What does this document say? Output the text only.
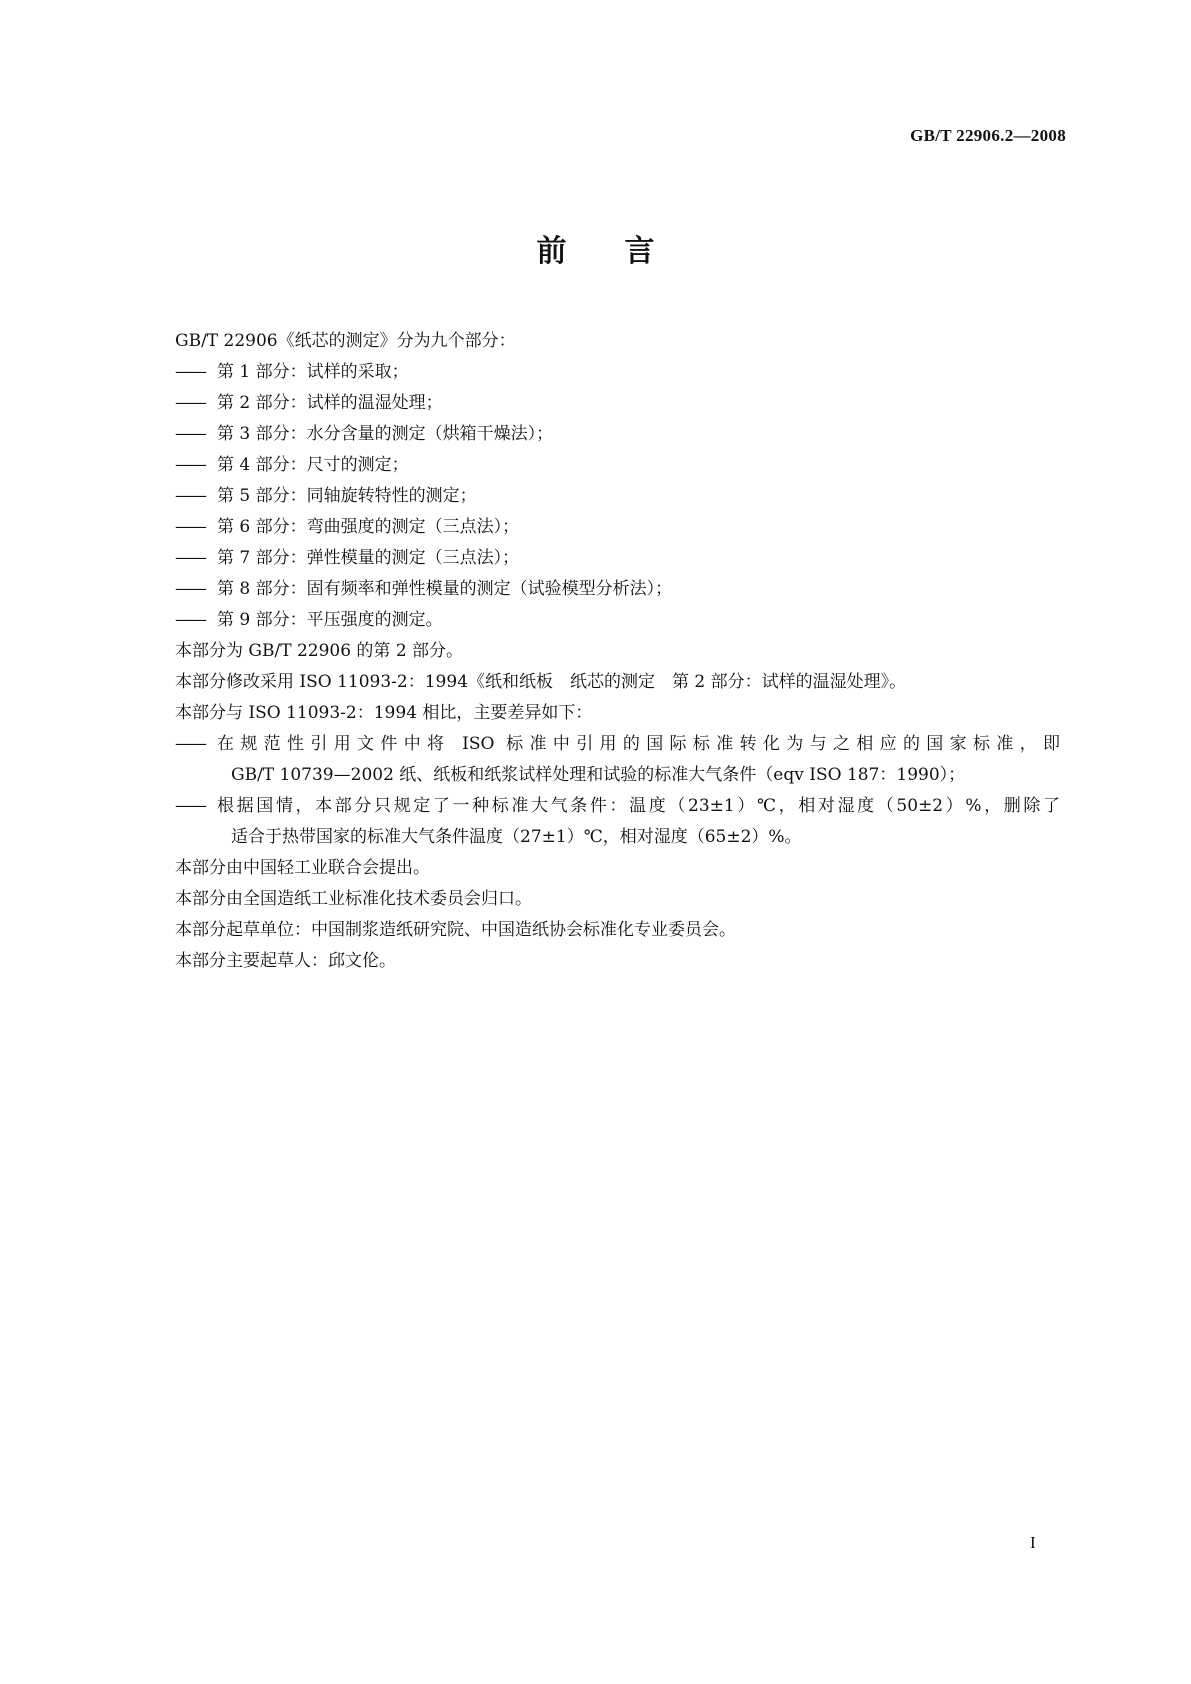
GB/T 22906.2—2008
前言
GB/T 22906《纸芯的测定》分为九个部分：
—— 第 1 部分：试样的采取；
—— 第 2 部分：试样的温湿处理；
—— 第 3 部分：水分含量的测定（烘箱干燥法）；
—— 第 4 部分：尺寸的测定；
—— 第 5 部分：同轴旋转特性的测定；
—— 第 6 部分：弯曲强度的测定（三点法）；
—— 第 7 部分：弹性模量的测定（三点法）；
—— 第 8 部分：固有频率和弹性模量的测定（试验模型分析法）；
—— 第 9 部分：平压强度的测定。
本部分为 GB/T 22906 的第 2 部分。
本部分修改采用 ISO 11093-2：1994《纸和纸板　纸芯的测定　第 2 部分：试样的温湿处理》。
本部分与 ISO 11093-2：1994 相比，主要差异如下：
—— 在规范性引用文件中将 ISO 标准中引用的国际标准转化为与之相应的国家标准，即
GB/T 10739—2002 纸、纸板和纸浆试样处理和试验的标准大气条件（eqv ISO 187：1990）；
—— 根据国情，本部分只规定了一种标准大气条件：温度（23±1）℃，相对湿度（50±2）%，删除了
适合于热带国家的标准大气条件温度（27±1）℃，相对湿度（65±2）%。
本部分由中国轻工业联合会提出。
本部分由全国造纸工业标准化技术委员会归口。
本部分起草单位：中国制浆造纸研究院、中国造纸协会标准化专业委员会。
本部分主要起草人：邱文伦。
I
